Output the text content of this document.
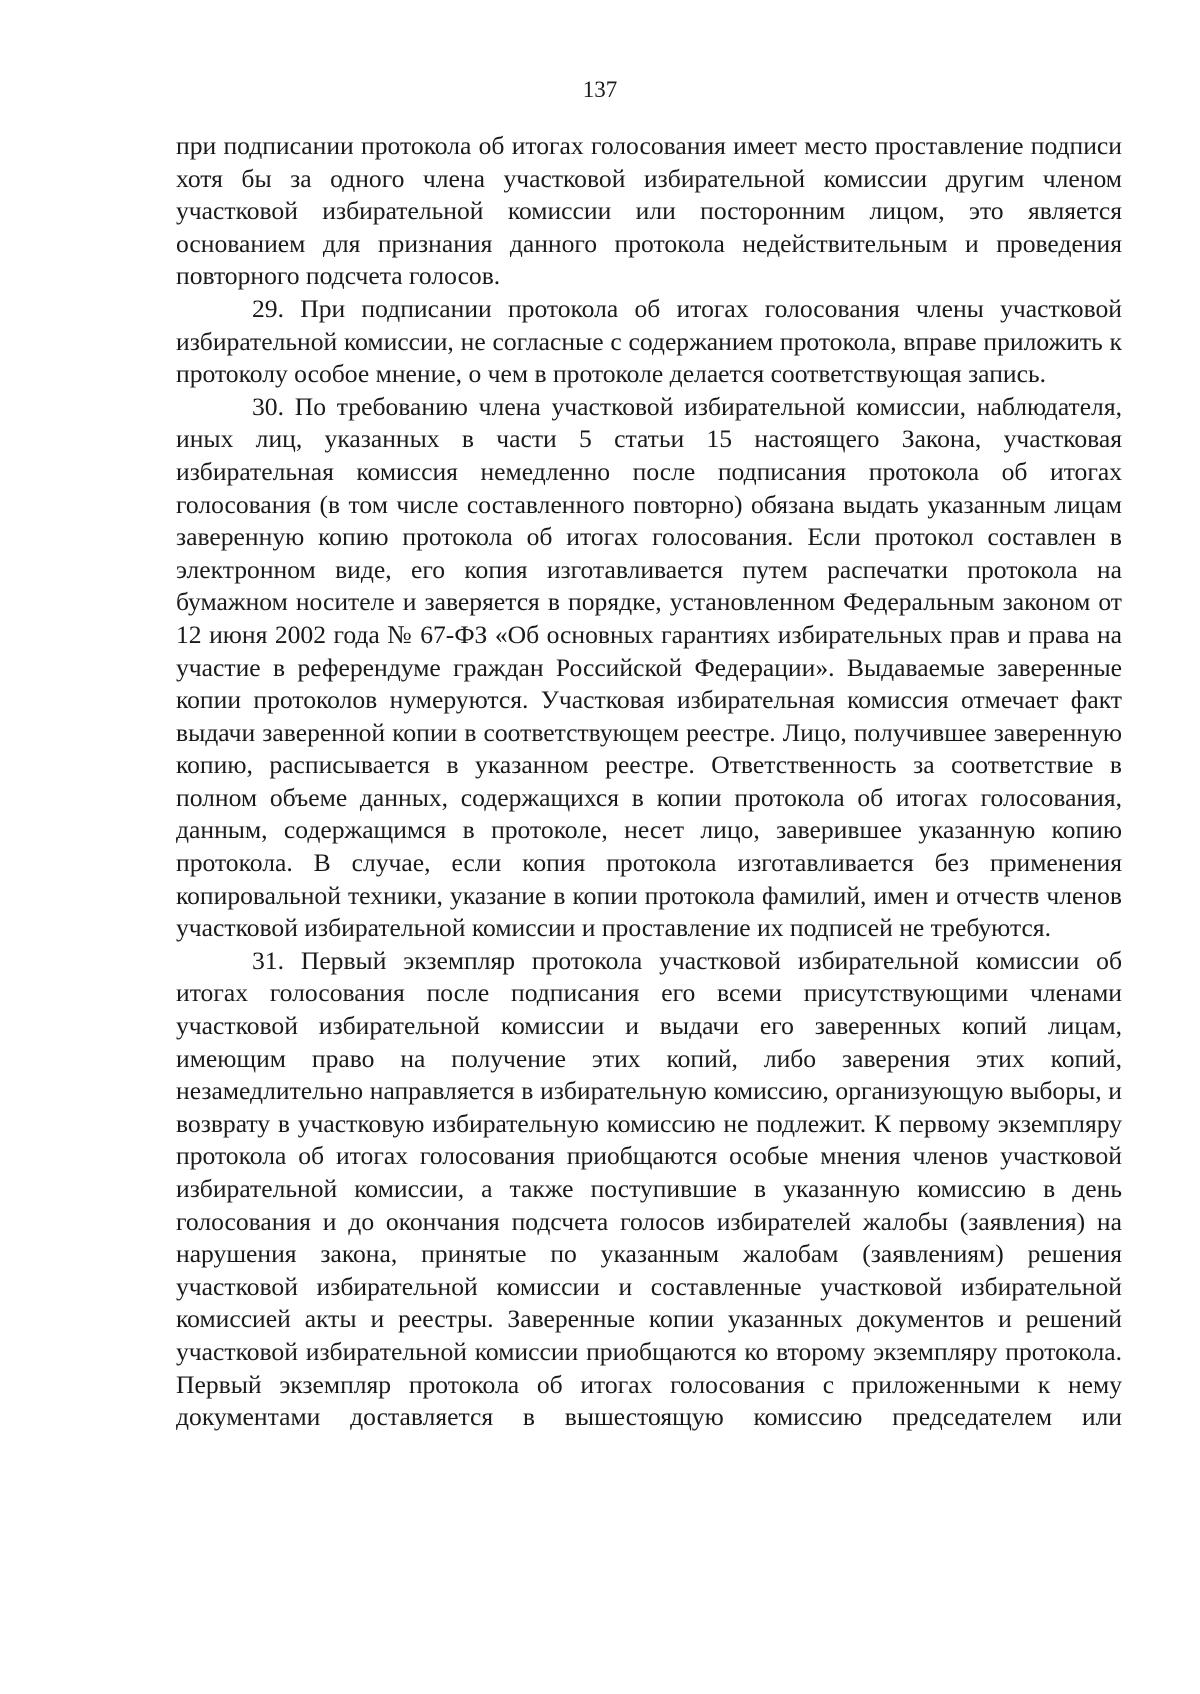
137

при подписании протокола об итогах голосования имеет место проставление подписи хотя бы за одного члена участковой избирательной комиссии другим членом участковой избирательной комиссии или посторонним лицом, это является основанием для признания данного протокола недействительным и проведения повторного подсчета голосов.

29. При подписании протокола об итогах голосования члены участковой избирательной комиссии, не согласные с содержанием протокола, вправе приложить к протоколу особое мнение, о чем в протоколе делается соответствующая запись.

30. По требованию члена участковой избирательной комиссии, наблюдателя, иных лиц, указанных в части 5 статьи 15 настоящего Закона, участковая избирательная комиссия немедленно после подписания протокола об итогах голосования (в том числе составленного повторно) обязана выдать указанным лицам заверенную копию протокола об итогах голосования. Если протокол составлен в электронном виде, его копия изготавливается путем распечатки протокола на бумажном носителе и заверяется в порядке, установленном Федеральным законом от 12 июня 2002 года № 67-ФЗ «Об основных гарантиях избирательных прав и права на участие в референдуме граждан Российской Федерации». Выдаваемые заверенные копии протоколов нумеруются. Участковая избирательная комиссия отмечает факт выдачи заверенной копии в соответствующем реестре. Лицо, получившее заверенную копию, расписывается в указанном реестре. Ответственность за соответствие в полном объеме данных, содержащихся в копии протокола об итогах голосования, данным, содержащимся в протоколе, несет лицо, заверившее указанную копию протокола. В случае, если копия протокола изготавливается без применения копировальной техники, указание в копии протокола фамилий, имен и отчеств членов участковой избирательной комиссии и проставление их подписей не требуются.

31. Первый экземпляр протокола участковой избирательной комиссии об итогах голосования после подписания его всеми присутствующими членами участковой избирательной комиссии и выдачи его заверенных копий лицам, имеющим право на получение этих копий, либо заверения этих копий, незамедлительно направляется в избирательную комиссию, организующую выборы, и возврату в участковую избирательную комиссию не подлежит. К первому экземпляру протокола об итогах голосования приобщаются особые мнения членов участковой избирательной комиссии, а также поступившие в указанную комиссию в день голосования и до окончания подсчета голосов избирателей жалобы (заявления) на нарушения закона, принятые по указанным жалобам (заявлениям) решения участковой избирательной комиссии и составленные участковой избирательной комиссией акты и реестры. Заверенные копии указанных документов и решений участковой избирательной комиссии приобщаются ко второму экземпляру протокола. Первый экземпляр протокола об итогах голосования с приложенными к нему документами доставляется в вышестоящую комиссию председателем или
